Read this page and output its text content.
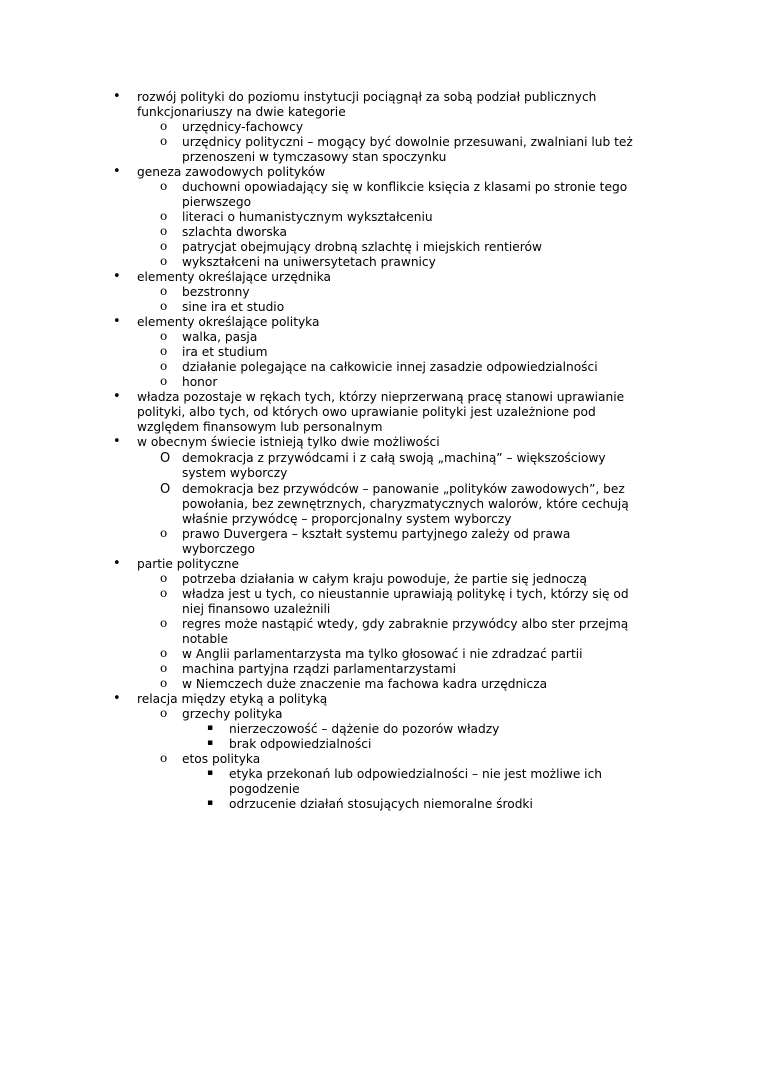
• rozwój polityki do poziomu instytucji pociągnął za sobą podział publicznych funkcjonariuszy na dwie kategorie
o urzędnicy-fachowcy
o urzędnicy polityczni – mogący być dowolnie przesuwani, zwalniani lub też przenoszeni w tymczasowy stan spoczynku
• geneza zawodowych polityków
o duchowni opowiadający się w konflikcie księcia z klasami po stronie tego pierwszego
o literaci o humanistycznym wykształceniu
o szlachta dworska
o patrycjat obejmujący drobną szlachtę i miejskich rentierów
o wykształceni na uniwersytetach prawnicy
• elementy określające urzędnika
o bezstronny
o sine ira et studio
• elementy określające polityka
o walka, pasja
o ira et studium
o działanie polegające na całkowicie innej zasadzie odpowiedzialności
o honor
• władza pozostaje w rękach tych, którzy nieprzerwaną pracę stanowi uprawianie polityki, albo tych, od których owo uprawianie polityki jest uzależnione pod względem finansowym lub personalnym
• w obecnym świecie istnieją tylko dwie możliwości
O demokracja z przywódcami i z całą swoją „machiną” – większościowy system wyborczy
O demokracja bez przywódców – panowanie „polityków zawodowych”, bez powołania, bez zewnętrznych, charyzmatycznych walorów, które cechują właśnie przywódcę – proporcjonalny system wyborczy
o prawo Duvergera – kształt systemu partyjnego zależy od prawa wyborczego
• partie polityczne
o potrzeba działania w całym kraju powoduje, że partie się jednoczą
o władza jest u tych, co nieustannie uprawiają politykę i tych, którzy się od niej finansowo uzależnili
o regres może nastąpić wtedy, gdy zabraknie przywódcy albo ster przejmą notable
o w Anglii parlamentarzysta ma tylko głosować i nie zdradzać partii
o machina partyjna rządzi parlamentarzystami
o w Niemczech duże znaczenie ma fachowa kadra urzędnicza
• relacja między etyką a polityką
o grzechy polityka
▪ nierzeczowość – dążenie do pozorów władzy
▪ brak odpowiedzialności
o etos polityka
▪ etyka przekonań lub odpowiedzialności – nie jest możliwe ich pogodzenie
▪ odrzucenie działań stosujących niemoralne środki
